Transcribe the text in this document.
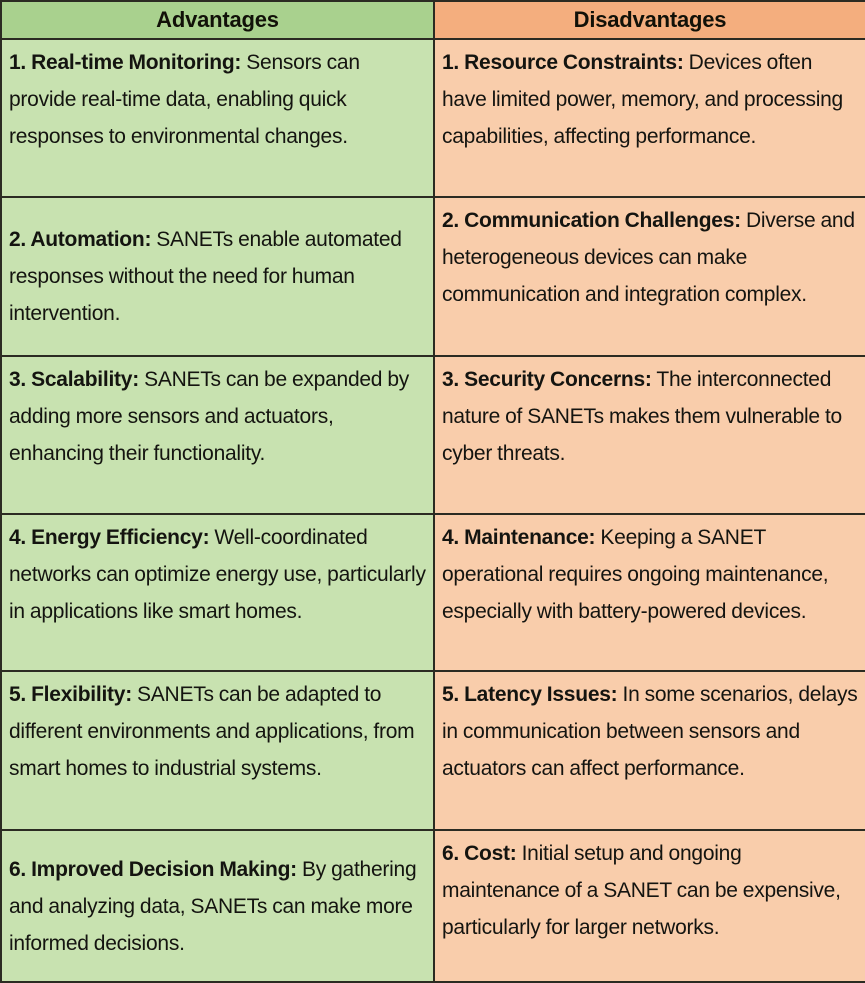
Advantages	Disadvantages
1. Real-time Monitoring: Sensors can provide real-time data, enabling quick responses to environmental changes.	1. Resource Constraints: Devices often have limited power, memory, and processing capabilities, affecting performance.
2. Automation: SANETs enable automated responses without the need for human intervention.	2. Communication Challenges: Diverse and heterogeneous devices can make communication and integration complex.
3. Scalability: SANETs can be expanded by adding more sensors and actuators, enhancing their functionality.	3. Security Concerns: The interconnected nature of SANETs makes them vulnerable to cyber threats.
4. Energy Efficiency: Well-coordinated networks can optimize energy use, particularly in applications like smart homes.	4. Maintenance: Keeping a SANET operational requires ongoing maintenance, especially with battery-powered devices.
5. Flexibility: SANETs can be adapted to different environments and applications, from smart homes to industrial systems.	5. Latency Issues: In some scenarios, delays in communication between sensors and actuators can affect performance.
6. Improved Decision Making: By gathering and analyzing data, SANETs can make more informed decisions.	6. Cost: Initial setup and ongoing maintenance of a SANET can be expensive, particularly for larger networks.
